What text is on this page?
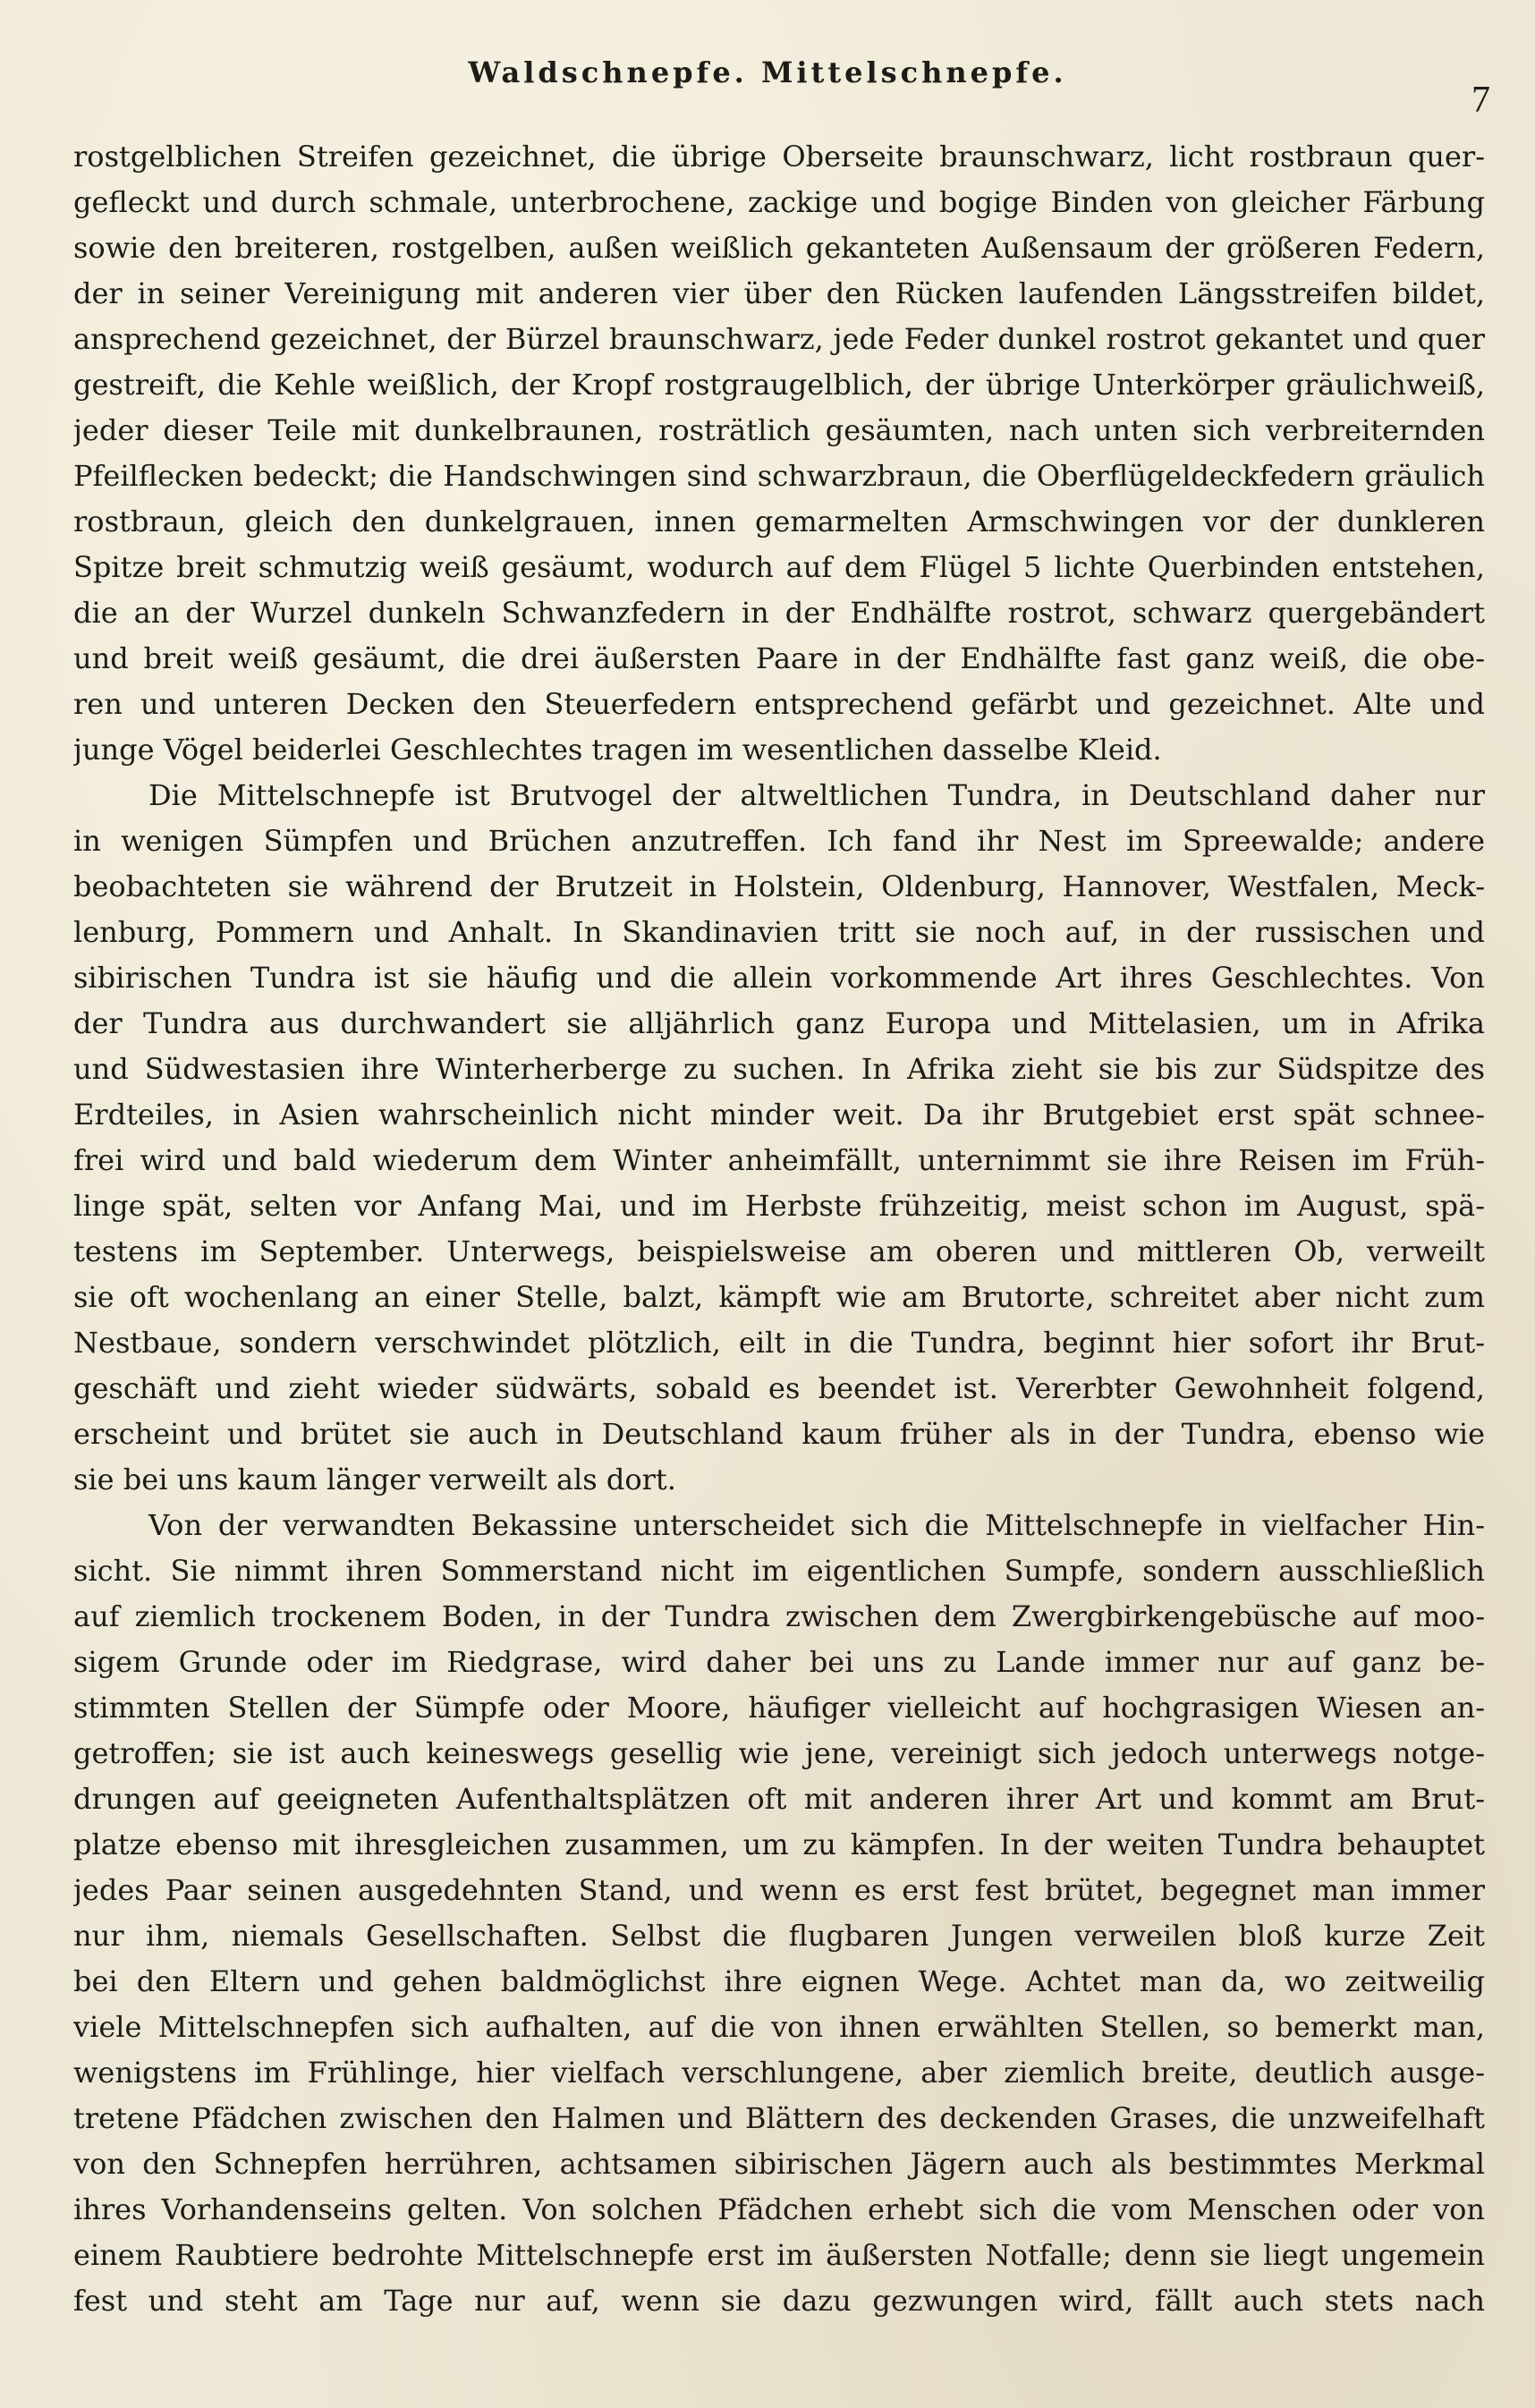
Waldschnepfe. Mittelschnepfe.
7
rostgelblichen Streifen gezeichnet, die übrige Oberseite braunschwarz, licht rostbraun quer-
gefleckt und durch schmale, unterbrochene, zackige und bogige Binden von gleicher Färbung
sowie den breiteren, rostgelben, außen weißlich gekanteten Außensaum der größeren Federn,
der in seiner Vereinigung mit anderen vier über den Rücken laufenden Längsstreifen bildet,
ansprechend gezeichnet, der Bürzel braunschwarz, jede Feder dunkel rostrot gekantet und quer
gestreift, die Kehle weißlich, der Kropf rostgraugelblich, der übrige Unterkörper gräulichweiß,
jeder dieser Teile mit dunkelbraunen, rosträtlich gesäumten, nach unten sich verbreiternden
Pfeilflecken bedeckt; die Handschwingen sind schwarzbraun, die Oberflügeldeckfedern gräulich
rostbraun, gleich den dunkelgrauen, innen gemarmelten Armschwingen vor der dunkleren
Spitze breit schmutzig weiß gesäumt, wodurch auf dem Flügel 5 lichte Querbinden entstehen,
die an der Wurzel dunkeln Schwanzfedern in der Endhälfte rostrot, schwarz quergebändert
und breit weiß gesäumt, die drei äußersten Paare in der Endhälfte fast ganz weiß, die obe-
ren und unteren Decken den Steuerfedern entsprechend gefärbt und gezeichnet. Alte und
junge Vögel beiderlei Geschlechtes tragen im wesentlichen dasselbe Kleid.
Die Mittelschnepfe ist Brutvogel der altweltlichen Tundra, in Deutschland daher nur
in wenigen Sümpfen und Brüchen anzutreffen. Ich fand ihr Nest im Spreewalde; andere
beobachteten sie während der Brutzeit in Holstein, Oldenburg, Hannover, Westfalen, Meck-
lenburg, Pommern und Anhalt. In Skandinavien tritt sie noch auf, in der russischen und
sibirischen Tundra ist sie häufig und die allein vorkommende Art ihres Geschlechtes. Von
der Tundra aus durchwandert sie alljährlich ganz Europa und Mittelasien, um in Afrika
und Südwestasien ihre Winterherberge zu suchen. In Afrika zieht sie bis zur Südspitze des
Erdteiles, in Asien wahrscheinlich nicht minder weit. Da ihr Brutgebiet erst spät schnee-
frei wird und bald wiederum dem Winter anheimfällt, unternimmt sie ihre Reisen im Früh-
linge spät, selten vor Anfang Mai, und im Herbste frühzeitig, meist schon im August, spä-
testens im September. Unterwegs, beispielsweise am oberen und mittleren Ob, verweilt
sie oft wochenlang an einer Stelle, balzt, kämpft wie am Brutorte, schreitet aber nicht zum
Nestbaue, sondern verschwindet plötzlich, eilt in die Tundra, beginnt hier sofort ihr Brut-
geschäft und zieht wieder südwärts, sobald es beendet ist. Vererbter Gewohnheit folgend,
erscheint und brütet sie auch in Deutschland kaum früher als in der Tundra, ebenso wie
sie bei uns kaum länger verweilt als dort.
Von der verwandten Bekassine unterscheidet sich die Mittelschnepfe in vielfacher Hin-
sicht. Sie nimmt ihren Sommerstand nicht im eigentlichen Sumpfe, sondern ausschließlich
auf ziemlich trockenem Boden, in der Tundra zwischen dem Zwergbirkengebüsche auf moo-
sigem Grunde oder im Riedgrase, wird daher bei uns zu Lande immer nur auf ganz be-
stimmten Stellen der Sümpfe oder Moore, häufiger vielleicht auf hochgrasigen Wiesen an-
getroffen; sie ist auch keineswegs gesellig wie jene, vereinigt sich jedoch unterwegs notge-
drungen auf geeigneten Aufenthaltsplätzen oft mit anderen ihrer Art und kommt am Brut-
platze ebenso mit ihresgleichen zusammen, um zu kämpfen. In der weiten Tundra behauptet
jedes Paar seinen ausgedehnten Stand, und wenn es erst fest brütet, begegnet man immer
nur ihm, niemals Gesellschaften. Selbst die flugbaren Jungen verweilen bloß kurze Zeit
bei den Eltern und gehen baldmöglichst ihre eignen Wege. Achtet man da, wo zeitweilig
viele Mittelschnepfen sich aufhalten, auf die von ihnen erwählten Stellen, so bemerkt man,
wenigstens im Frühlinge, hier vielfach verschlungene, aber ziemlich breite, deutlich ausge-
tretene Pfädchen zwischen den Halmen und Blättern des deckenden Grases, die unzweifelhaft
von den Schnepfen herrühren, achtsamen sibirischen Jägern auch als bestimmtes Merkmal
ihres Vorhandenseins gelten. Von solchen Pfädchen erhebt sich die vom Menschen oder von
einem Raubtiere bedrohte Mittelschnepfe erst im äußersten Notfalle; denn sie liegt ungemein
fest und steht am Tage nur auf, wenn sie dazu gezwungen wird, fällt auch stets nach
